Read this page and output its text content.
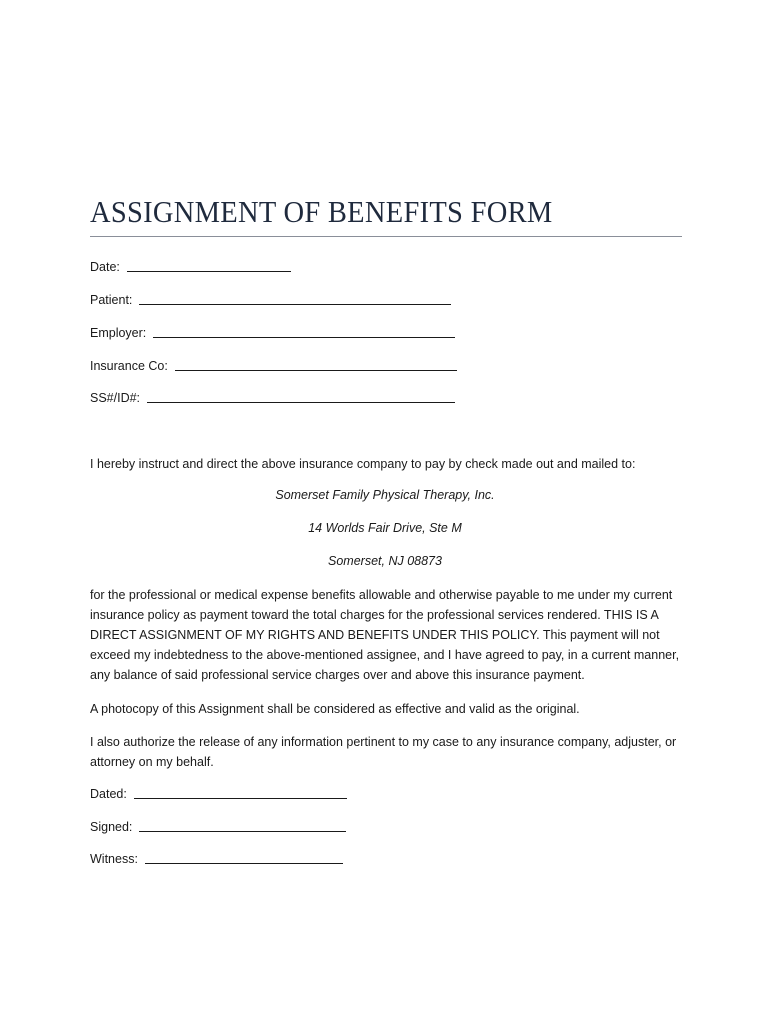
ASSIGNMENT OF BENEFITS FORM
Date:
Patient:
Employer:
Insurance Co:
SS#/ID#:

I hereby instruct and direct the above insurance company to pay by check made out and mailed to:

Somerset Family Physical Therapy, Inc.
14 Worlds Fair Drive, Ste M
Somerset, NJ 08873

for the professional or medical expense benefits allowable and otherwise payable to me under my current insurance policy as payment toward the total charges for the professional services rendered. THIS IS A DIRECT ASSIGNMENT OF MY RIGHTS AND BENEFITS UNDER THIS POLICY. This payment will not exceed my indebtedness to the above-mentioned assignee, and I have agreed to pay, in a current manner, any balance of said professional service charges over and above this insurance payment.

A photocopy of this Assignment shall be considered as effective and valid as the original.

I also authorize the release of any information pertinent to my case to any insurance company, adjuster, or attorney on my behalf.

Dated:
Signed:
Witness:
